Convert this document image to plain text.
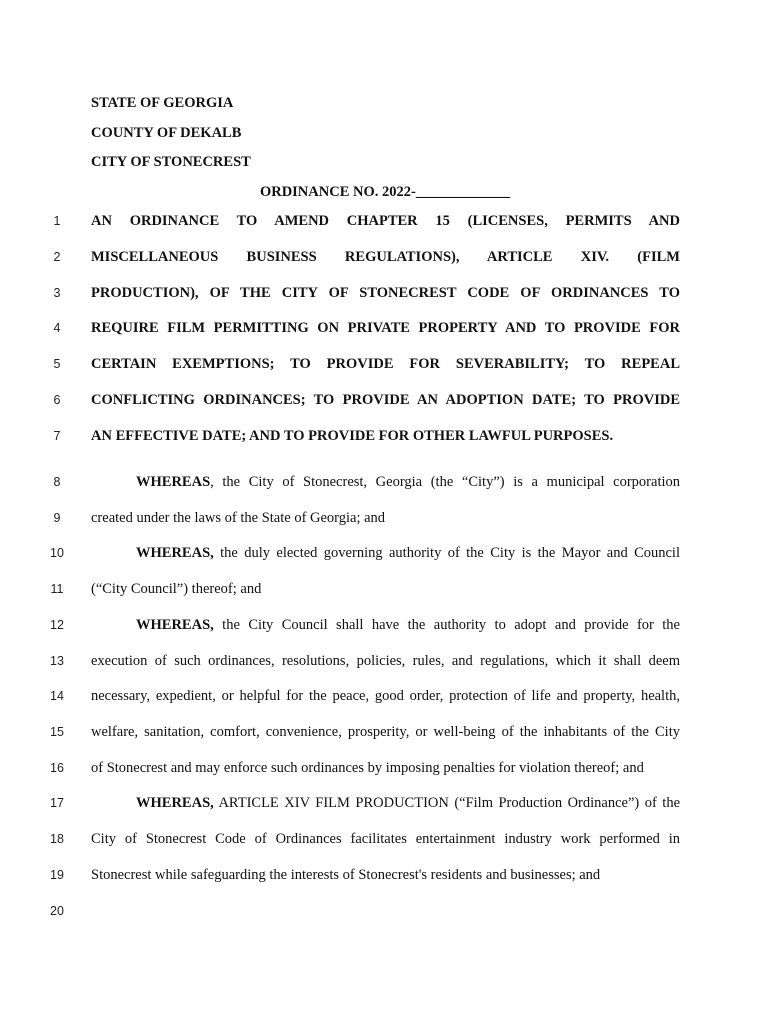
STATE OF GEORGIA
COUNTY OF DEKALB
CITY OF STONECREST
ORDINANCE NO. 2022-_____________
1	AN ORDINANCE TO AMEND CHAPTER 15 (LICENSES, PERMITS AND
2	MISCELLANEOUS BUSINESS REGULATIONS), ARTICLE XIV. (FILM
3	PRODUCTION), OF THE CITY OF STONECREST CODE OF ORDINANCES TO
4	REQUIRE FILM PERMITTING ON PRIVATE PROPERTY AND TO PROVIDE FOR
5	CERTAIN EXEMPTIONS; TO PROVIDE FOR SEVERABILITY; TO REPEAL
6	CONFLICTING ORDINANCES; TO PROVIDE AN ADOPTION DATE; TO PROVIDE
7	AN EFFECTIVE DATE; AND TO PROVIDE FOR OTHER LAWFUL PURPOSES.
8	WHEREAS, the City of Stonecrest, Georgia (the “City”) is a municipal corporation
9	created under the laws of the State of Georgia; and
10	WHEREAS, the duly elected governing authority of the City is the Mayor and Council
11	(“City Council”) thereof; and
12	WHEREAS, the City Council shall have the authority to adopt and provide for the
13	execution of such ordinances, resolutions, policies, rules, and regulations, which it shall deem
14	necessary, expedient, or helpful for the peace, good order, protection of life and property, health,
15	welfare, sanitation, comfort, convenience, prosperity, or well-being of the inhabitants of the City
16	of Stonecrest and may enforce such ordinances by imposing penalties for violation thereof; and
17	WHEREAS, ARTICLE XIV FILM PRODUCTION (“Film Production Ordinance”) of the
18	City of Stonecrest Code of Ordinances facilitates entertainment industry work performed in
19	Stonecrest while safeguarding the interests of Stonecrest's residents and businesses; and
20
